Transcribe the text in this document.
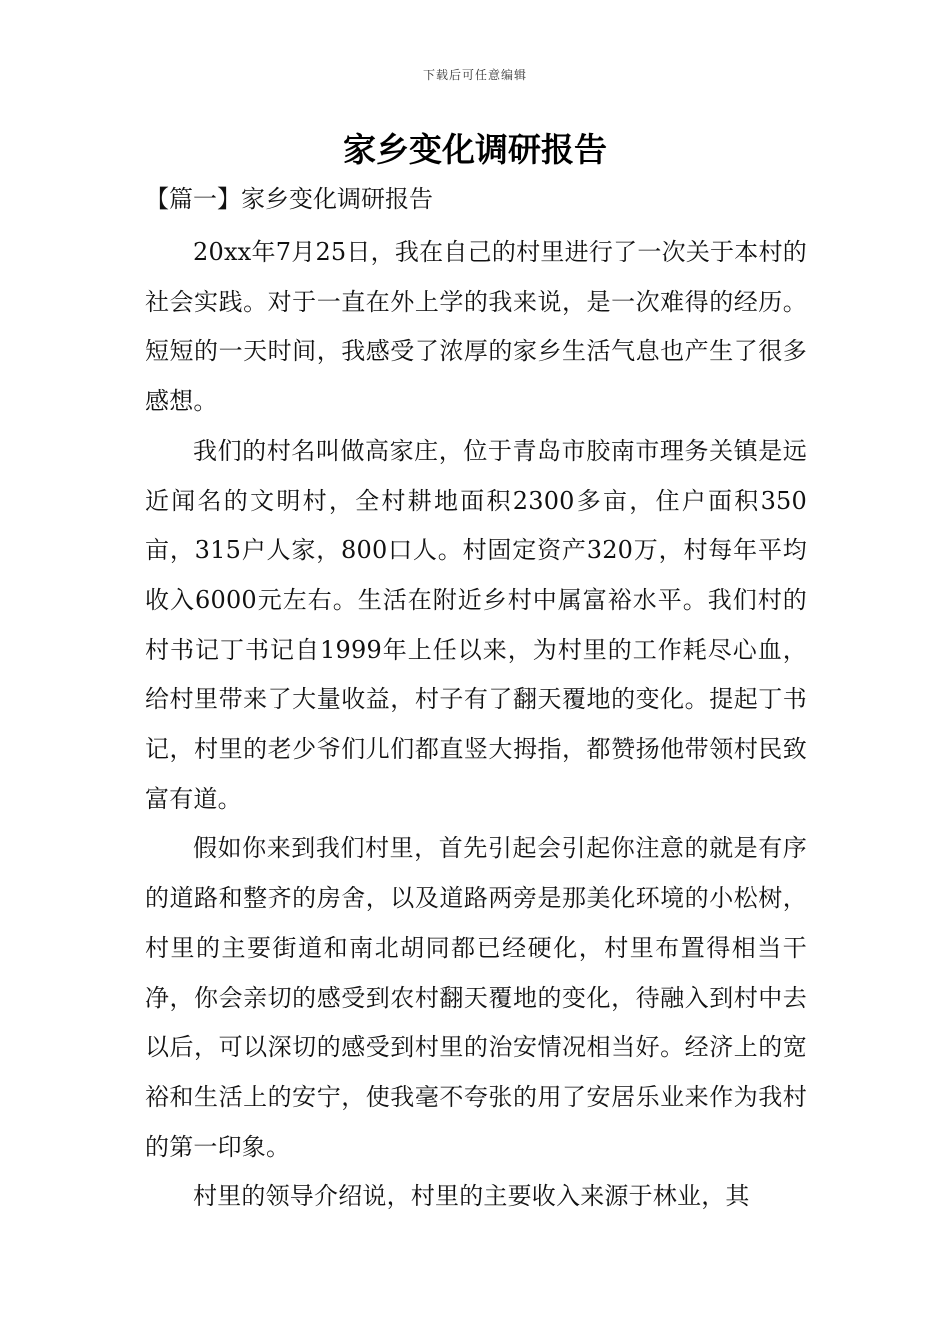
下载后可任意编辑
家乡变化调研报告
【篇一】家乡变化调研报告

20xx年7月25日，我在自己的村里进行了一次关于本村的社会实践。对于一直在外上学的我来说，是一次难得的经历。短短的一天时间，我感受了浓厚的家乡生活气息也产生了很多感想。

我们的村名叫做高家庄，位于青岛市胶南市理务关镇是远近闻名的文明村，全村耕地面积2300多亩，住户面积350亩，315户人家，800口人。村固定资产320万，村每年平均收入6000元左右。生活在附近乡村中属富裕水平。我们村的村书记丁书记自1999年上任以来，为村里的工作耗尽心血，给村里带来了大量收益，村子有了翻天覆地的变化。提起丁书记，村里的老少爷们儿们都直竖大拇指，都赞扬他带领村民致富有道。

假如你来到我们村里，首先引起会引起你注意的就是有序的道路和整齐的房舍，以及道路两旁是那美化环境的小松树，村里的主要街道和南北胡同都已经硬化，村里布置得相当干净，你会亲切的感受到农村翻天覆地的变化，待融入到村中去以后，可以深切的感受到村里的治安情况相当好。经济上的宽裕和生活上的安宁，使我毫不夸张的用了安居乐业来作为我村的第一印象。

村里的领导介绍说，村里的主要收入来源于林业，其
